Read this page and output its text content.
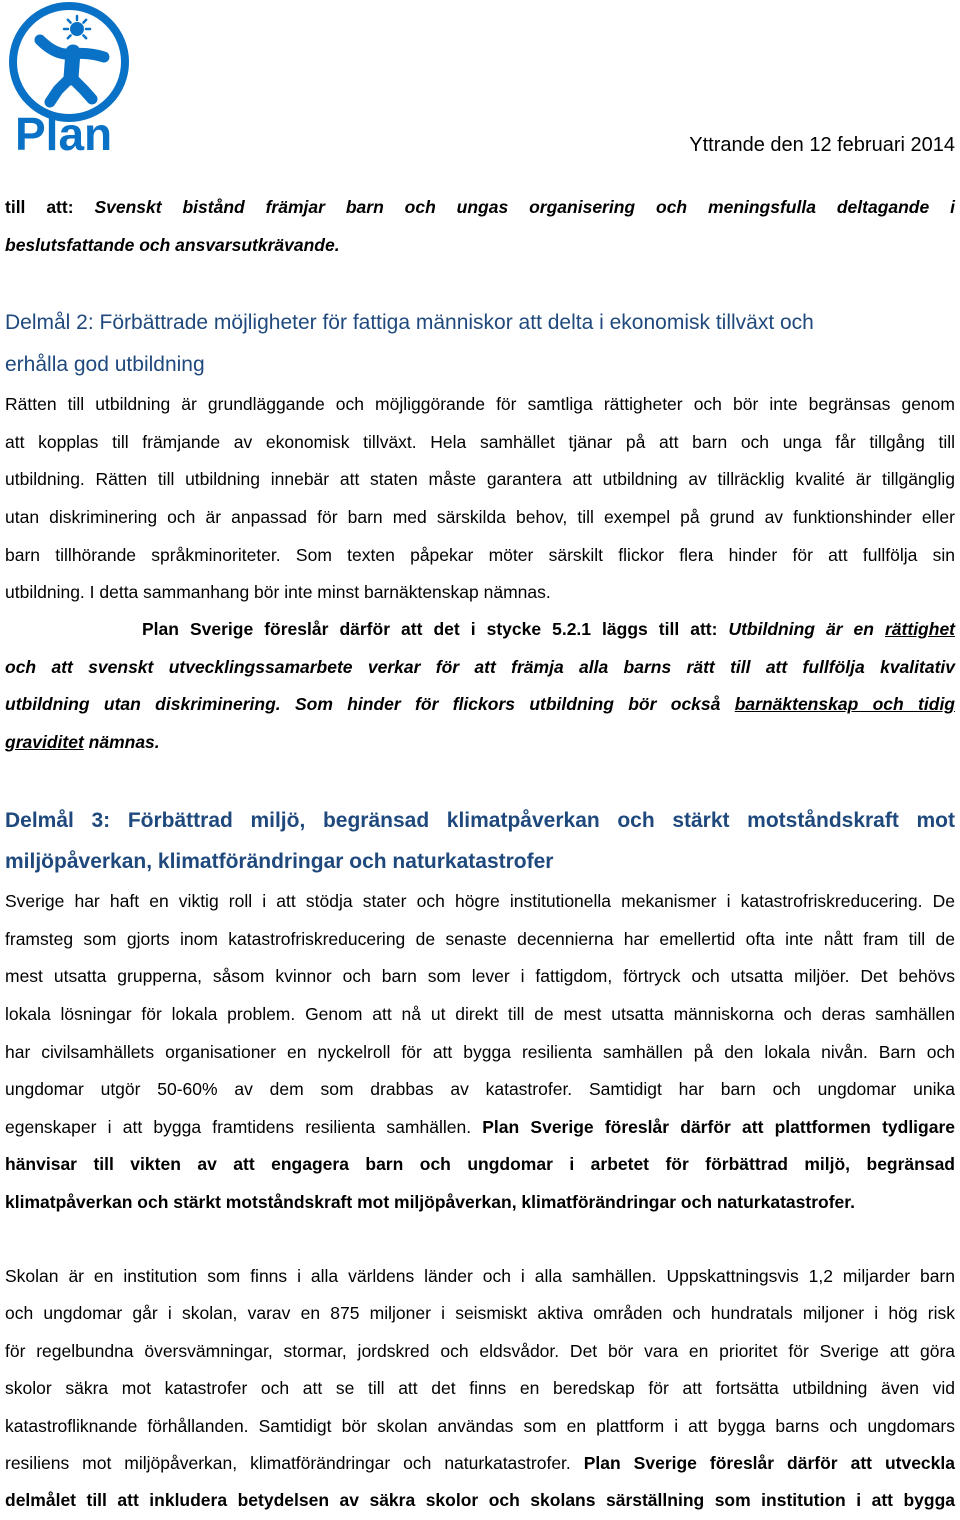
Plan	Yttrande den 12 februari 2014
till att: Svenskt bistånd främjar barn och ungas organisering och meningsfulla deltagande i
beslutsfattande och ansvarsutkrävande.
Delmål 2: Förbättrade möjligheter för fattiga människor att delta i ekonomisk tillväxt och
erhålla god utbildning
Rätten till utbildning är grundläggande och möjliggörande för samtliga rättigheter och bör inte begränsas genom
att kopplas till främjande av ekonomisk tillväxt. Hela samhället tjänar på att barn och unga får tillgång till
utbildning. Rätten till utbildning innebär att staten måste garantera att utbildning av tillräcklig kvalité är tillgänglig
utan diskriminering och är anpassad för barn med särskilda behov, till exempel på grund av funktionshinder eller
barn tillhörande språkminoriteter. Som texten påpekar möter särskilt flickor flera hinder för att fullfölja sin
utbildning. I detta sammanhang bör inte minst barnäktenskap nämnas.
Plan Sverige föreslår därför att det i stycke 5.2.1 läggs till att: Utbildning är en rättighet
och att svenskt utvecklingssamarbete verkar för att främja alla barns rätt till att fullfölja kvalitativ
utbildning utan diskriminering. Som hinder för flickors utbildning bör också barnäktenskap och tidig
graviditet nämnas.
Delmål 3: Förbättrad miljö, begränsad klimatpåverkan och stärkt motståndskraft mot
miljöpåverkan, klimatförändringar och naturkatastrofer
Sverige har haft en viktig roll i att stödja stater och högre institutionella mekanismer i katastrofriskreducering. De
framsteg som gjorts inom katastrofriskreducering de senaste decennierna har emellertid ofta inte nått fram till de
mest utsatta grupperna, såsom kvinnor och barn som lever i fattigdom, förtryck och utsatta miljöer. Det behövs
lokala lösningar för lokala problem. Genom att nå ut direkt till de mest utsatta människorna och deras samhällen
har civilsamhällets organisationer en nyckelroll för att bygga resilienta samhällen på den lokala nivån. Barn och
ungdomar utgör 50-60% av dem som drabbas av katastrofer. Samtidigt har barn och ungdomar unika
egenskaper i att bygga framtidens resilienta samhällen. Plan Sverige föreslår därför att plattformen tydligare
hänvisar till vikten av att engagera barn och ungdomar i arbetet för förbättrad miljö, begränsad
klimatpåverkan och stärkt motståndskraft mot miljöpåverkan, klimatförändringar och naturkatastrofer.
Skolan är en institution som finns i alla världens länder och i alla samhällen. Uppskattningsvis 1,2 miljarder barn
och ungdomar går i skolan, varav en 875 miljoner i seismiskt aktiva områden och hundratals miljoner i hög risk
för regelbundna översvämningar, stormar, jordskred och eldsvådor. Det bör vara en prioritet för Sverige att göra
skolor säkra mot katastrofer och att se till att det finns en beredskap för att fortsätta utbildning även vid
katastrofliknande förhållanden. Samtidigt bör skolan användas som en plattform i att bygga barns och ungdomars
resiliens mot miljöpåverkan, klimatförändringar och naturkatastrofer. Plan Sverige föreslår därför att utveckla
delmålet till att inkludera betydelsen av säkra skolor och skolans särställning som institution i att bygga
